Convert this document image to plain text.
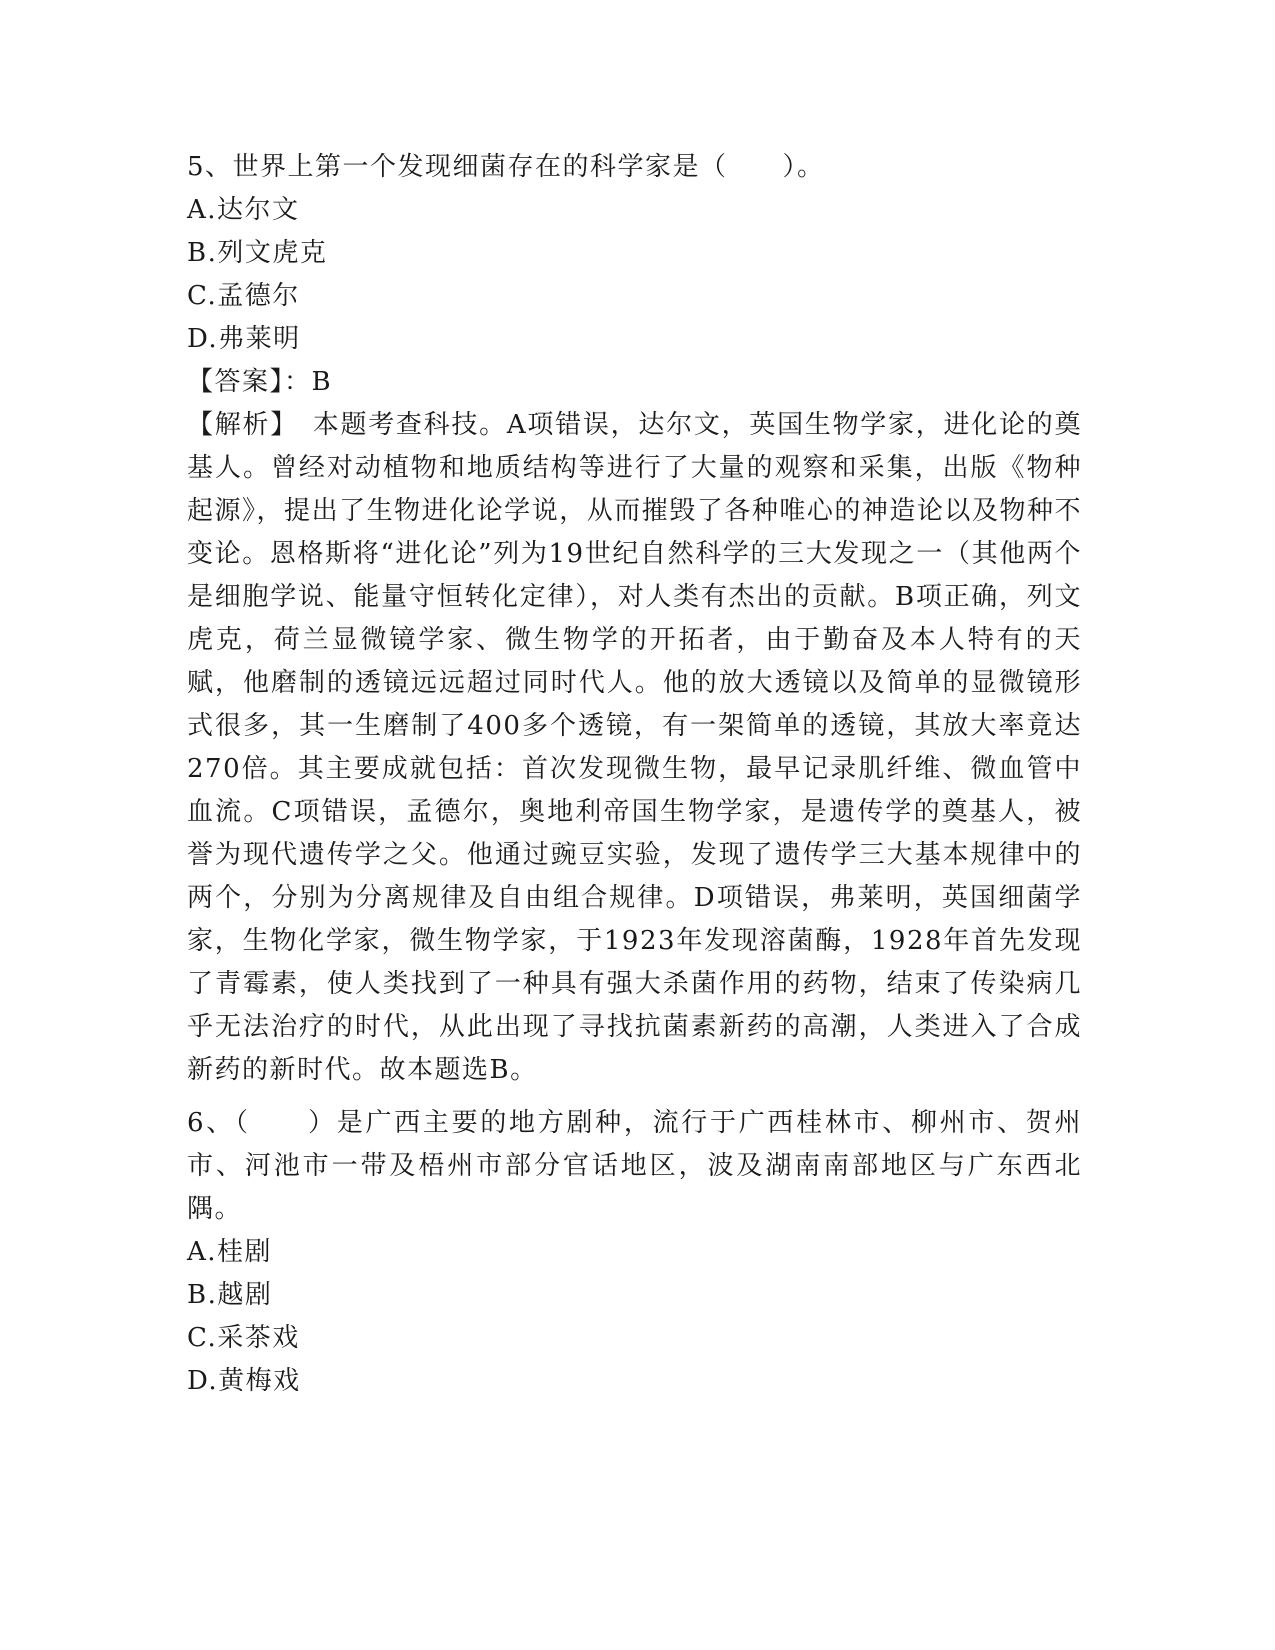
5、世界上第一个发现细菌存在的科学家是（　　）。
A.达尔文
B.列文虎克
C.孟德尔
D.弗莱明
【答案】：B

【解析】　本题考查科技。A项错误，达尔文，英国生物学家，进化论的奠基人。曾经对动植物和地质结构等进行了大量的观察和采集，出版《物种起源》，提出了生物进化论学说，从而摧毁了各种唯心的神造论以及物种不变论。恩格斯将“进化论”列为19世纪自然科学的三大发现之一（其他两个是细胞学说、能量守恒转化定律），对人类有杰出的贡献。B项正确，列文虎克，荷兰显微镜学家、微生物学的开拓者，由于勤奋及本人特有的天赋，他磨制的透镜远远超过同时代人。他的放大透镜以及简单的显微镜形式很多，其一生磨制了400多个透镜，有一架简单的透镜，其放大率竟达270倍。其主要成就包括：首次发现微生物，最早记录肌纤维、微血管中血流。C项错误，孟德尔，奥地利帝国生物学家，是遗传学的奠基人，被誉为现代遗传学之父。他通过豌豆实验，发现了遗传学三大基本规律中的两个，分别为分离规律及自由组合规律。D项错误，弗莱明，英国细菌学家，生物化学家，微生物学家，于1923年发现溶菌酶，1928年首先发现了青霉素，使人类找到了一种具有强大杀菌作用的药物，结束了传染病几乎无法治疗的时代，从此出现了寻找抗菌素新药的高潮，人类进入了合成新药的新时代。故本题选B。

6、（　　）是广西主要的地方剧种，流行于广西桂林市、柳州市、贺州市、河池市一带及梧州市部分官话地区，波及湖南南部地区与广东西北隅。

A.桂剧
B.越剧
C.采茶戏
D.黄梅戏
